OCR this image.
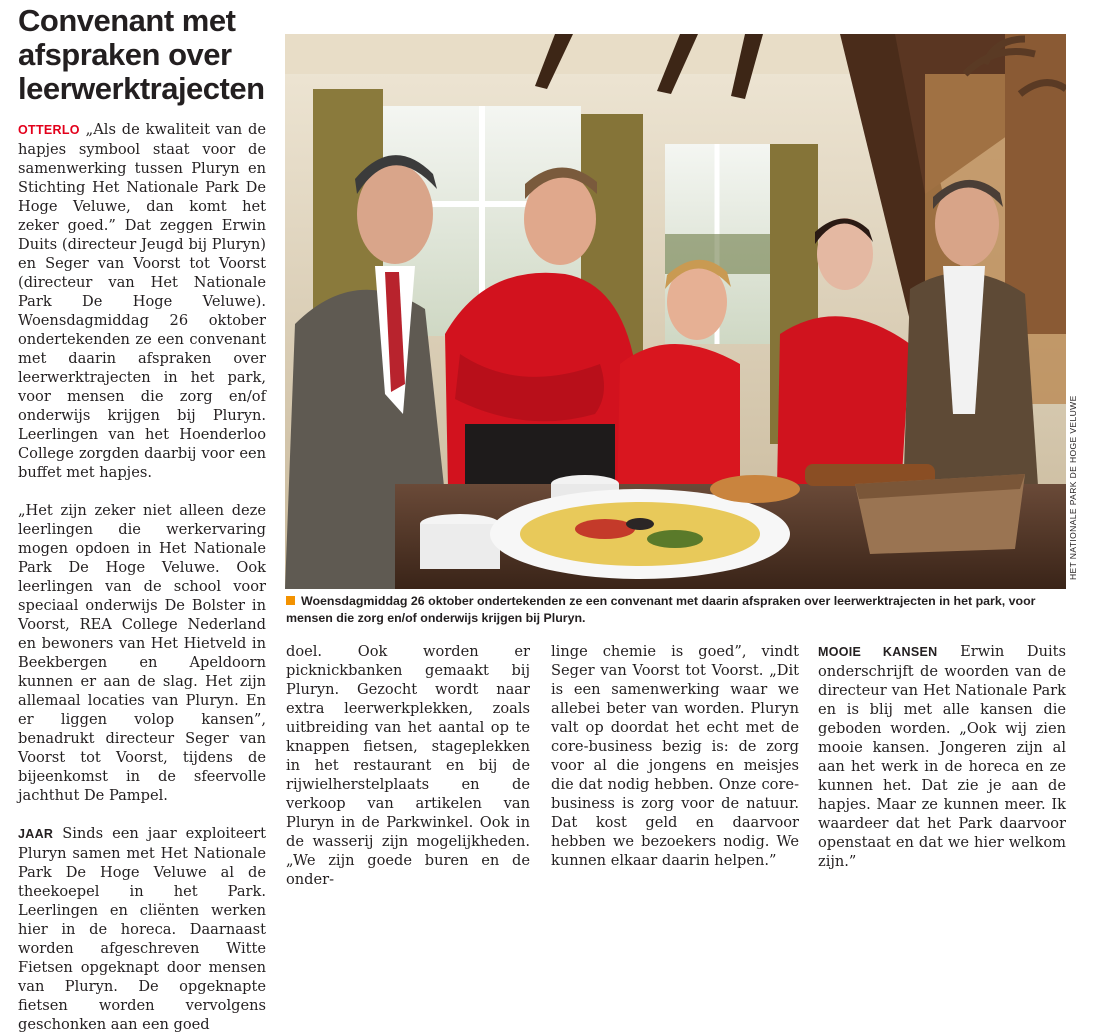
Convenant met afspraken over leerwerktrajecten

OTTERLO „Als de kwaliteit van de hapjes symbool staat voor de samenwerking tussen Pluryn en Stichting Het Nationale Park De Hoge Veluwe, dan komt het zeker goed.” Dat zeggen Erwin Duits (directeur Jeugd bij Pluryn) en Seger van Voorst tot Voorst (directeur van Het Nationale Park De Hoge Veluwe). Woensdagmiddag 26 oktober ondertekenden ze een convenant met daarin afspraken over leerwerktrajecten in het park, voor mensen die zorg en/of onderwijs krijgen bij Pluryn. Leerlingen van het Hoenderloo College zorgden daarbij voor een buffet met hapjes.

„Het zijn zeker niet alleen deze leerlingen die werkervaring mogen opdoen in Het Nationale Park De Hoge Veluwe. Ook leerlingen van de school voor speciaal onderwijs De Bolster in Voorst, REA College Nederland en bewoners van Het Hietveld in Beekbergen en Apeldoorn kunnen er aan de slag. Het zijn allemaal locaties van Pluryn. En er liggen volop kansen”, benadrukt directeur Seger van Voorst tot Voorst, tijdens de bijeenkomst in de sfeervolle jachthut De Pampel.

JAAR Sinds een jaar exploiteert Pluryn samen met Het Nationale Park De Hoge Veluwe al de theekoepel in het Park. Leerlingen en cliënten werken hier in de horeca. Daarnaast worden afgeschreven Witte Fietsen opgeknapt door mensen van Pluryn. De opgeknapte fietsen worden vervolgens geschonken aan een goed

Woensdagmiddag 26 oktober ondertekenden ze een convenant met daarin afspraken over leerwerktrajecten in het park, voor mensen die zorg en/of onderwijs krijgen bij Pluryn.

HET NATIONALE PARK DE HOGE VELUWE

doel. Ook worden er picknickbanken gemaakt bij Pluryn. Gezocht wordt naar extra leerwerkplekken, zoals uitbreiding van het aantal op te knappen fietsen, stageplekken in het restaurant en bij de rijwielherstelplaats en de verkoop van artikelen van Pluryn in de Parkwinkel. Ook in de wasserij zijn mogelijkheden. „We zijn goede buren en de onder-

linge chemie is goed”, vindt Seger van Voorst tot Voorst. „Dit is een samenwerking waar we allebei beter van worden. Pluryn valt op doordat het echt met de core-business bezig is: de zorg voor al die jongens en meisjes die dat nodig hebben. Onze core-business is zorg voor de natuur. Dat kost geld en daarvoor hebben we bezoekers nodig. We kunnen elkaar daarin helpen.”

MOOIE KANSEN Erwin Duits onderschrijft de woorden van de directeur van Het Nationale Park en is blij met alle kansen die geboden worden. „Ook wij zien mooie kansen. Jongeren zijn al aan het werk in de horeca en ze kunnen het. Dat zie je aan de hapjes. Maar ze kunnen meer. Ik waardeer dat het Park daarvoor openstaat en dat we hier welkom zijn.”
